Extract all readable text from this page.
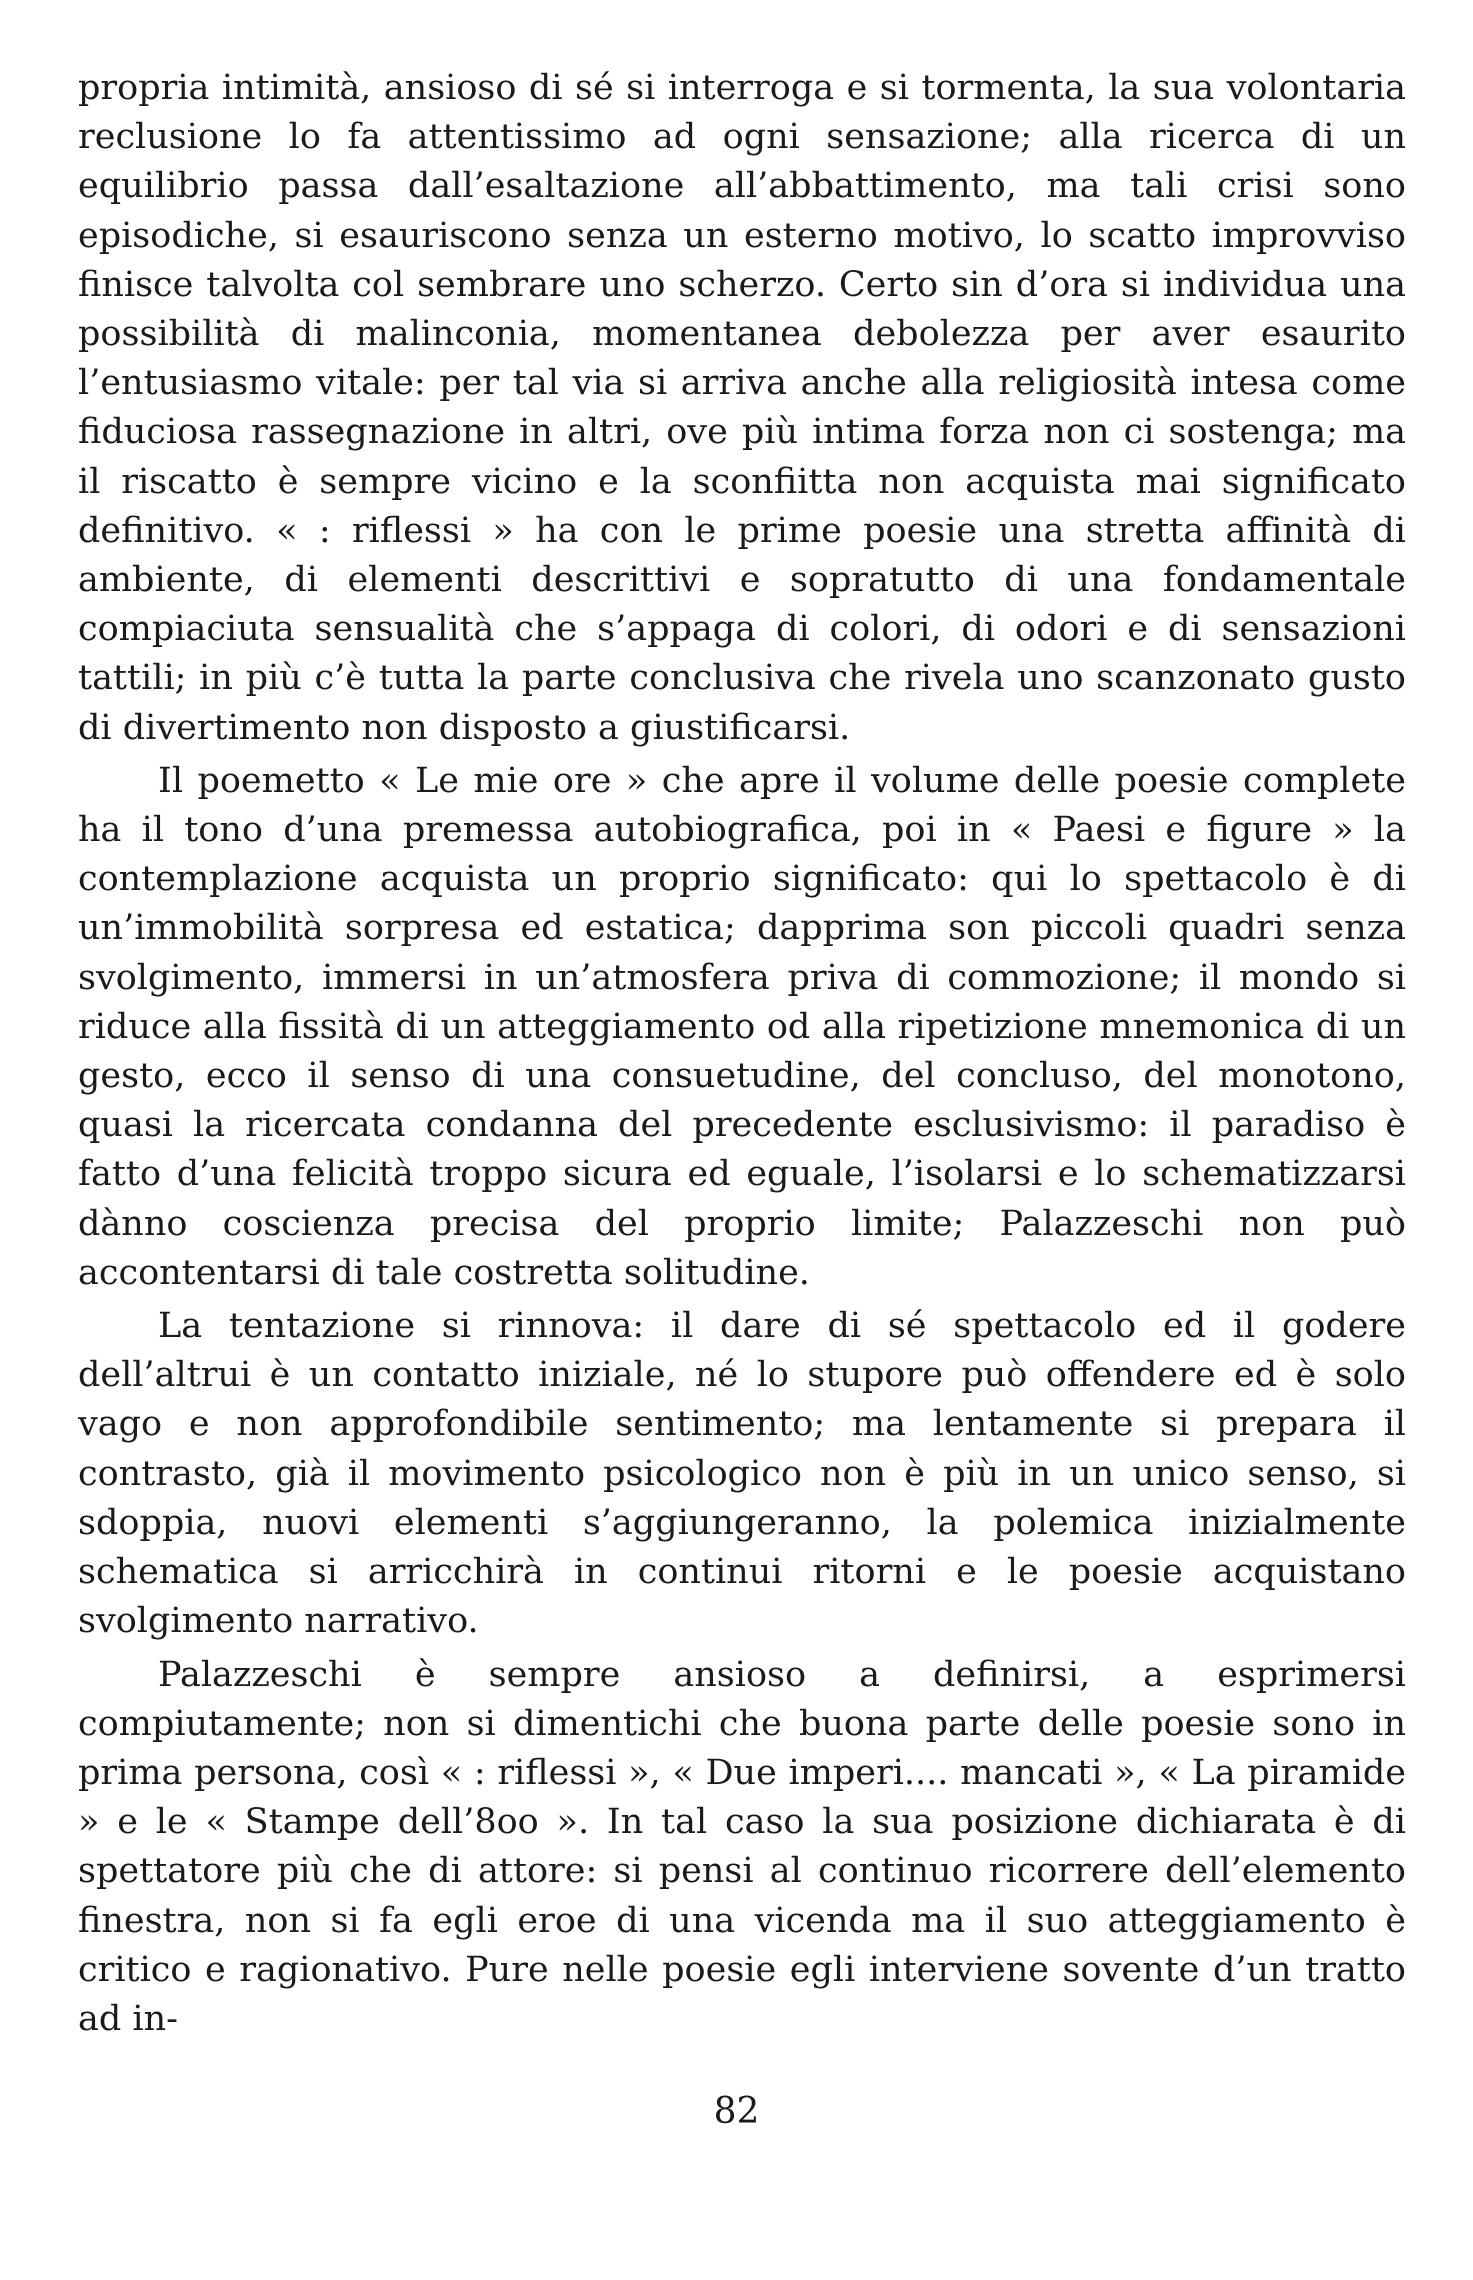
propria intimità, ansioso di sé si interroga e si tormenta, la sua volontaria reclusione lo fa attentissimo ad ogni sensazione; alla ricerca di un equilibrio passa dall’esaltazione all’abbattimento, ma tali crisi sono episodiche, si esauriscono senza un esterno motivo, lo scatto improvviso finisce talvolta col sembrare uno scherzo. Certo sin d’ora si individua una possibilità di malinconia, momentanea debolezza per aver esaurito l’entusiasmo vitale: per tal via si arriva anche alla religiosità intesa come fiduciosa rassegnazione in altri, ove più intima forza non ci sostenga; ma il riscatto è sempre vicino e la sconfiitta non acquista mai significato definitivo. « : riflessi » ha con le prime poesie una stretta affinità di ambiente, di elementi descrittivi e sopratutto di una fondamentale compiaciuta sensualità che s’appaga di colori, di odori e di sensazioni tattili; in più c’è tutta la parte conclusiva che rivela uno scanzonato gusto di divertimento non disposto a giustificarsi.

Il poemetto « Le mie ore » che apre il volume delle poesie complete ha il tono d’una premessa autobiografica, poi in « Paesi e figure » la contemplazione acquista un proprio significato: qui lo spettacolo è di un’immobilità sorpresa ed estatica; dapprima son piccoli quadri senza svolgimento, immersi in un’atmosfera priva di commozione; il mondo si riduce alla fissità di un atteggiamento od alla ripetizione mnemonica di un gesto, ecco il senso di una consuetudine, del concluso, del monotono, quasi la ricercata condanna del precedente esclusivismo: il paradiso è fatto d’una felicità troppo sicura ed eguale, l’isolarsi e lo schematizzarsi dànno coscienza precisa del proprio limite; Palazzeschi non può accontentarsi di tale costretta solitudine.

La tentazione si rinnova: il dare di sé spettacolo ed il godere dell’altrui è un contatto iniziale, né lo stupore può offendere ed è solo vago e non approfondibile sentimento; ma lentamente si prepara il contrasto, già il movimento psicologico non è più in un unico senso, si sdoppia, nuovi elementi s’aggiungeranno, la polemica inizialmente schematica si arricchirà in continui ritorni e le poesie acquistano svolgimento narrativo.

Palazzeschi è sempre ansioso a definirsi, a esprimersi compiutamente; non si dimentichi che buona parte delle poesie sono in prima persona, così « : riflessi », « Due imperi.... mancati », « La piramide » e le « Stampe dell’8oo ». In tal caso la sua posizione dichiarata è di spettatore più che di attore: si pensi al continuo ricorrere dell’elemento finestra, non si fa egli eroe di una vicenda ma il suo atteggiamento è critico e ragionativo. Pure nelle poesie egli interviene sovente d’un tratto ad in-

82
